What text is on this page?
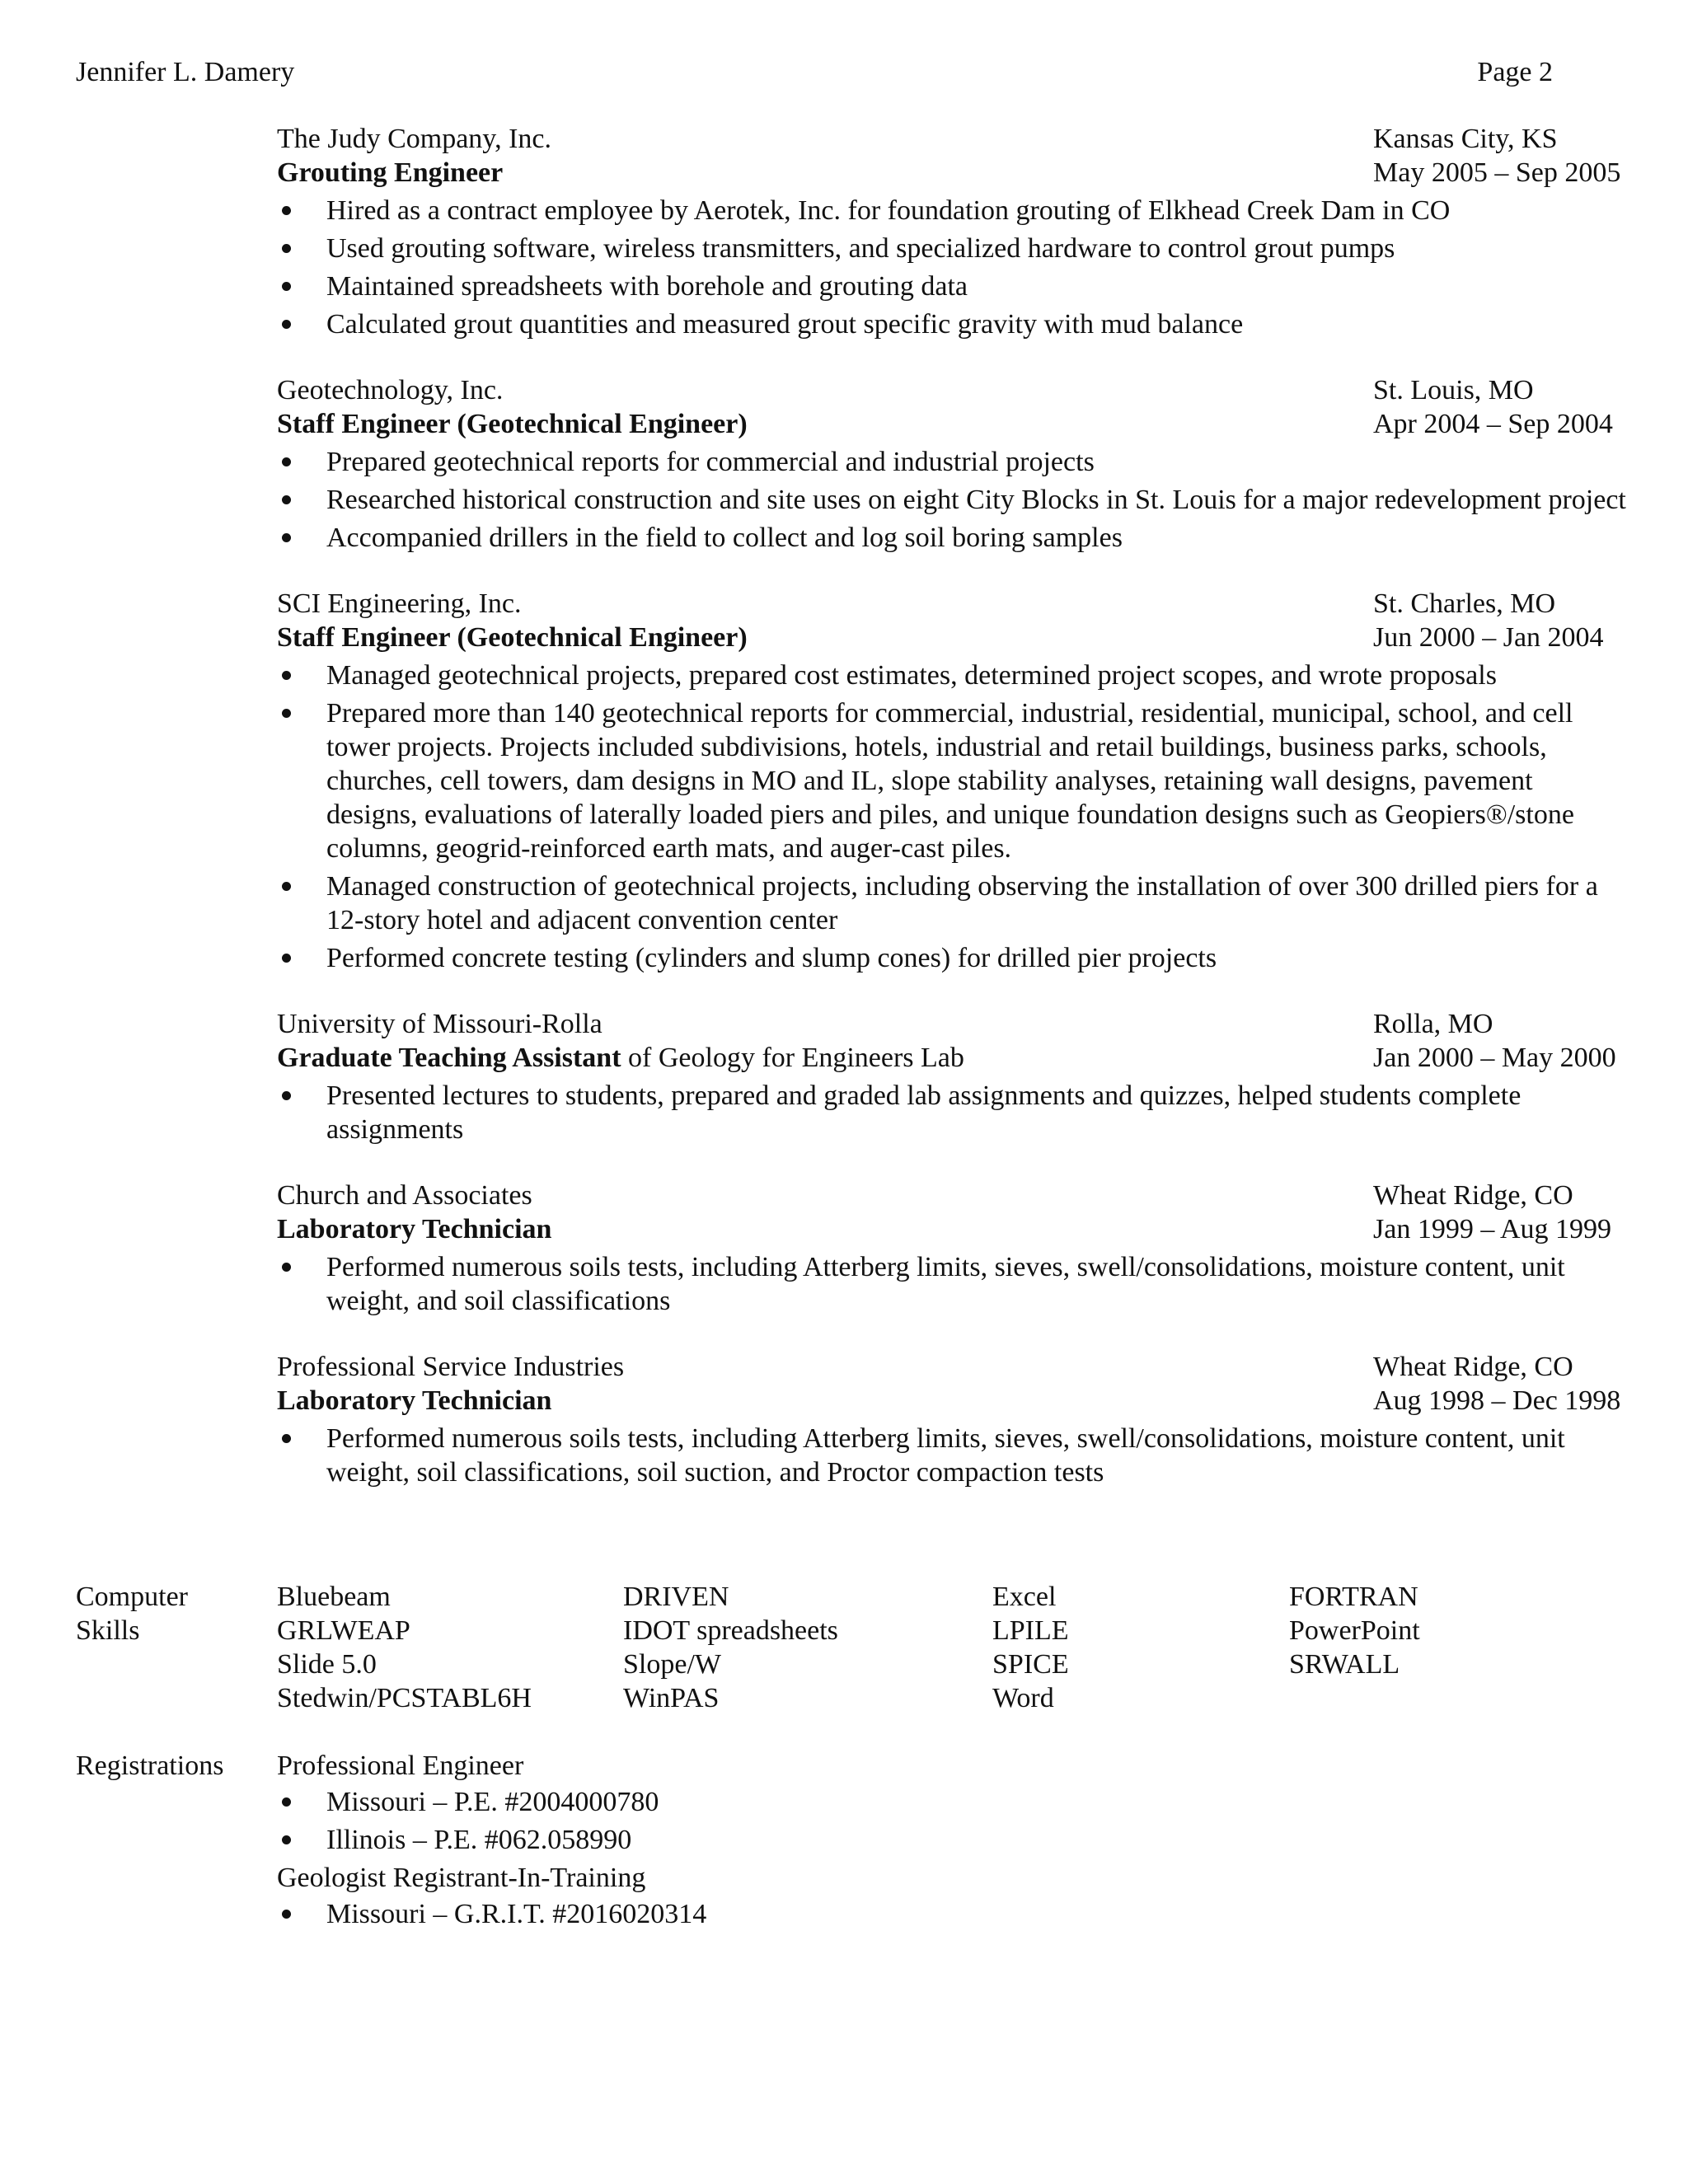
Jennifer L. Damery	Page 2
The Judy Company, Inc.	Kansas City, KS
Grouting Engineer	May 2005 – Sep 2005
Hired as a contract employee by Aerotek, Inc. for foundation grouting of Elkhead Creek Dam in CO
Used grouting software, wireless transmitters, and specialized hardware to control grout pumps
Maintained spreadsheets with borehole and grouting data
Calculated grout quantities and measured grout specific gravity with mud balance
Geotechnology, Inc.	St. Louis, MO
Staff Engineer (Geotechnical Engineer)	Apr 2004 – Sep 2004
Prepared geotechnical reports for commercial and industrial projects
Researched historical construction and site uses on eight City Blocks in St. Louis for a major redevelopment project
Accompanied drillers in the field to collect and log soil boring samples
SCI Engineering, Inc.	St. Charles, MO
Staff Engineer (Geotechnical Engineer)	Jun 2000 – Jan 2004
Managed geotechnical projects, prepared cost estimates, determined project scopes, and wrote proposals
Prepared more than 140 geotechnical reports for commercial, industrial, residential, municipal, school, and cell tower projects. Projects included subdivisions, hotels, industrial and retail buildings, business parks, schools, churches, cell towers, dam designs in MO and IL, slope stability analyses, retaining wall designs, pavement designs, evaluations of laterally loaded piers and piles, and unique foundation designs such as Geopiers®/stone columns, geogrid-reinforced earth mats, and auger-cast piles.
Managed construction of geotechnical projects, including observing the installation of over 300 drilled piers for a 12-story hotel and adjacent convention center
Performed concrete testing (cylinders and slump cones) for drilled pier projects
University of Missouri-Rolla	Rolla, MO
Graduate Teaching Assistant of Geology for Engineers Lab	Jan 2000 – May 2000
Presented lectures to students, prepared and graded lab assignments and quizzes, helped students complete assignments
Church and Associates	Wheat Ridge, CO
Laboratory Technician	Jan 1999 – Aug 1999
Performed numerous soils tests, including Atterberg limits, sieves, swell/consolidations, moisture content, unit weight, and soil classifications
Professional Service Industries	Wheat Ridge, CO
Laboratory Technician	Aug 1998 – Dec 1998
Performed numerous soils tests, including Atterberg limits, sieves, swell/consolidations, moisture content, unit weight, soil classifications, soil suction, and Proctor compaction tests
Computer
Skills
Bluebeam	DRIVEN	Excel	FORTRAN
GRLWEAP	IDOT spreadsheets	LPILE	PowerPoint
Slide 5.0	Slope/W	SPICE	SRWALL
Stedwin/PCSTABL6H	WinPAS	Word
Registrations	Professional Engineer
Missouri – P.E. #2004000780
Illinois – P.E. #062.058990
Geologist Registrant-In-Training
Missouri – G.R.I.T. #2016020314
